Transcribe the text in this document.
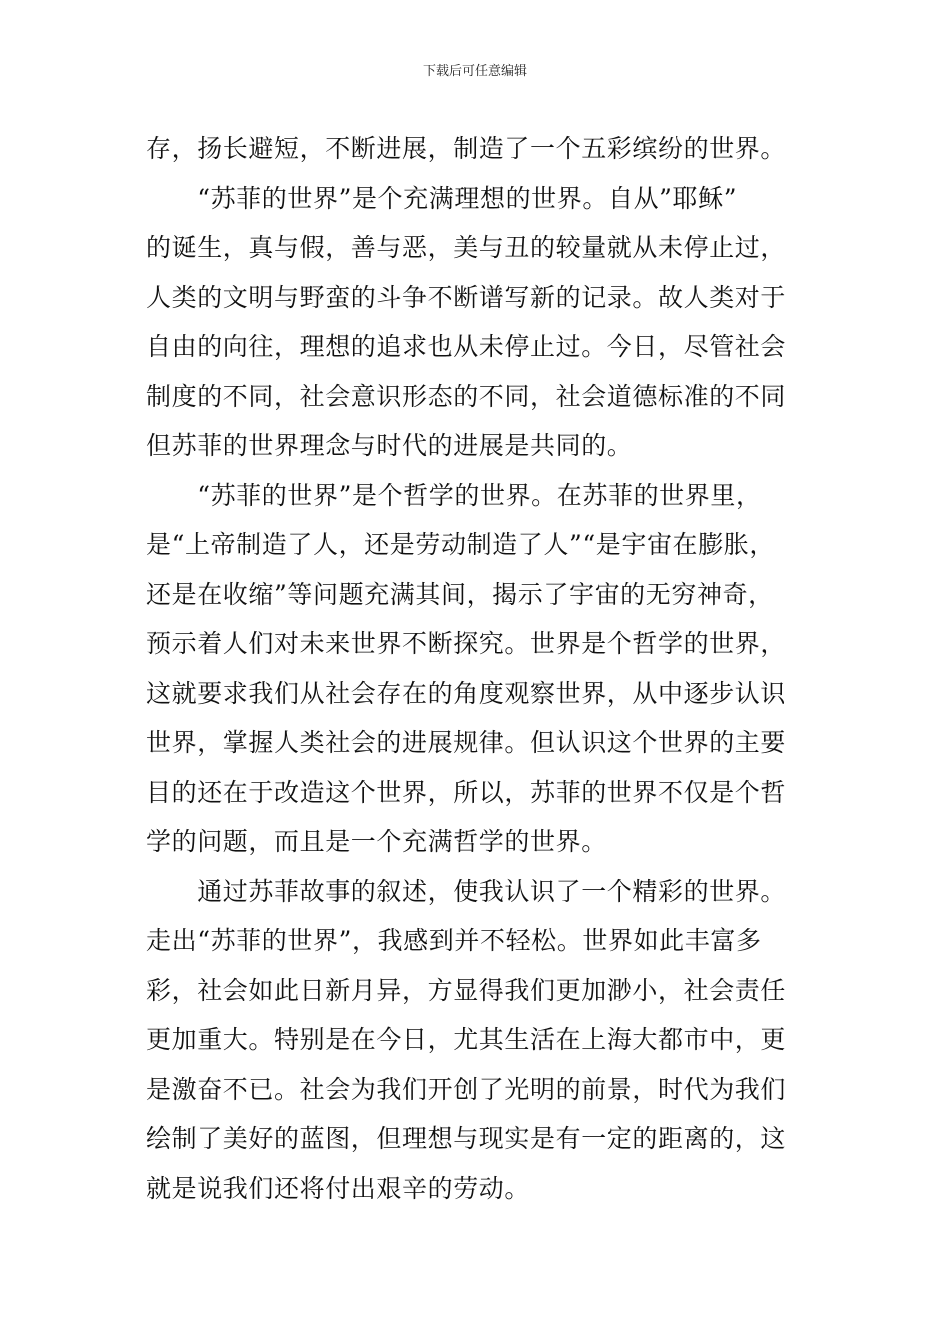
下载后可任意编辑
存，扬长避短，不断进展，制造了一个五彩缤纷的世界。
　　“苏菲的世界”是个充满理想的世界。自从”耶稣”
的诞生，真与假，善与恶，美与丑的较量就从未停止过，
人类的文明与野蛮的斗争不断谱写新的记录。故人类对于
自由的向往，理想的追求也从未停止过。今日，尽管社会
制度的不同，社会意识形态的不同，社会道德标准的不同
但苏菲的世界理念与时代的进展是共同的。
　　“苏菲的世界”是个哲学的世界。在苏菲的世界里，
是“上帝制造了人，还是劳动制造了人”“是宇宙在膨胀，
还是在收缩”等问题充满其间，揭示了宇宙的无穷神奇，
预示着人们对未来世界不断探究。世界是个哲学的世界，
这就要求我们从社会存在的角度观察世界，从中逐步认识
世界，掌握人类社会的进展规律。但认识这个世界的主要
目的还在于改造这个世界，所以，苏菲的世界不仅是个哲
学的问题，而且是一个充满哲学的世界。
　　通过苏菲故事的叙述，使我认识了一个精彩的世界。
走出“苏菲的世界”，我感到并不轻松。世界如此丰富多
彩，社会如此日新月异，方显得我们更加渺小，社会责任
更加重大。特别是在今日，尤其生活在上海大都市中，更
是激奋不已。社会为我们开创了光明的前景，时代为我们
绘制了美好的蓝图，但理想与现实是有一定的距离的，这
就是说我们还将付出艰辛的劳动。
